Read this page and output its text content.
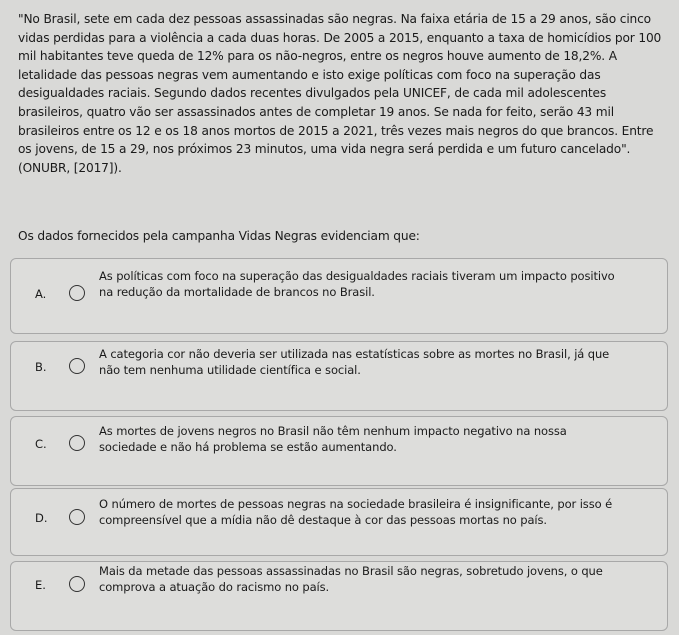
"No Brasil, sete em cada dez pessoas assassinadas são negras. Na faixa etária de 15 a 29 anos, são cinco vidas perdidas para a violência a cada duas horas. De 2005 a 2015, enquanto a taxa de homicídios por 100 mil habitantes teve queda de 12% para os não-negros, entre os negros houve aumento de 18,2%. A letalidade das pessoas negras vem aumentando e isto exige políticas com foco na superação das desigualdades raciais. Segundo dados recentes divulgados pela UNICEF, de cada mil adolescentes brasileiros, quatro vão ser assassinados antes de completar 19 anos. Se nada for feito, serão 43 mil brasileiros entre os 12 e os 18 anos mortos de 2015 a 2021, três vezes mais negros do que brancos. Entre os jovens, de 15 a 29, nos próximos 23 minutos, uma vida negra será perdida e um futuro cancelado". (ONUBR, [2017]).
Os dados fornecidos pela campanha Vidas Negras evidenciam que:
A.
As políticas com foco na superação das desigualdades raciais tiveram um impacto positivo na redução da mortalidade de brancos no Brasil.
B.
A categoria cor não deveria ser utilizada nas estatísticas sobre as mortes no Brasil, já que não tem nenhuma utilidade científica e social.
C.
As mortes de jovens negros no Brasil não têm nenhum impacto negativo na nossa sociedade e não há problema se estão aumentando.
D.
O número de mortes de pessoas negras na sociedade brasileira é insignificante, por isso é compreensível que a mídia não dê destaque à cor das pessoas mortas no país.
E.
Mais da metade das pessoas assassinadas no Brasil são negras, sobretudo jovens, o que comprova a atuação do racismo no país.
